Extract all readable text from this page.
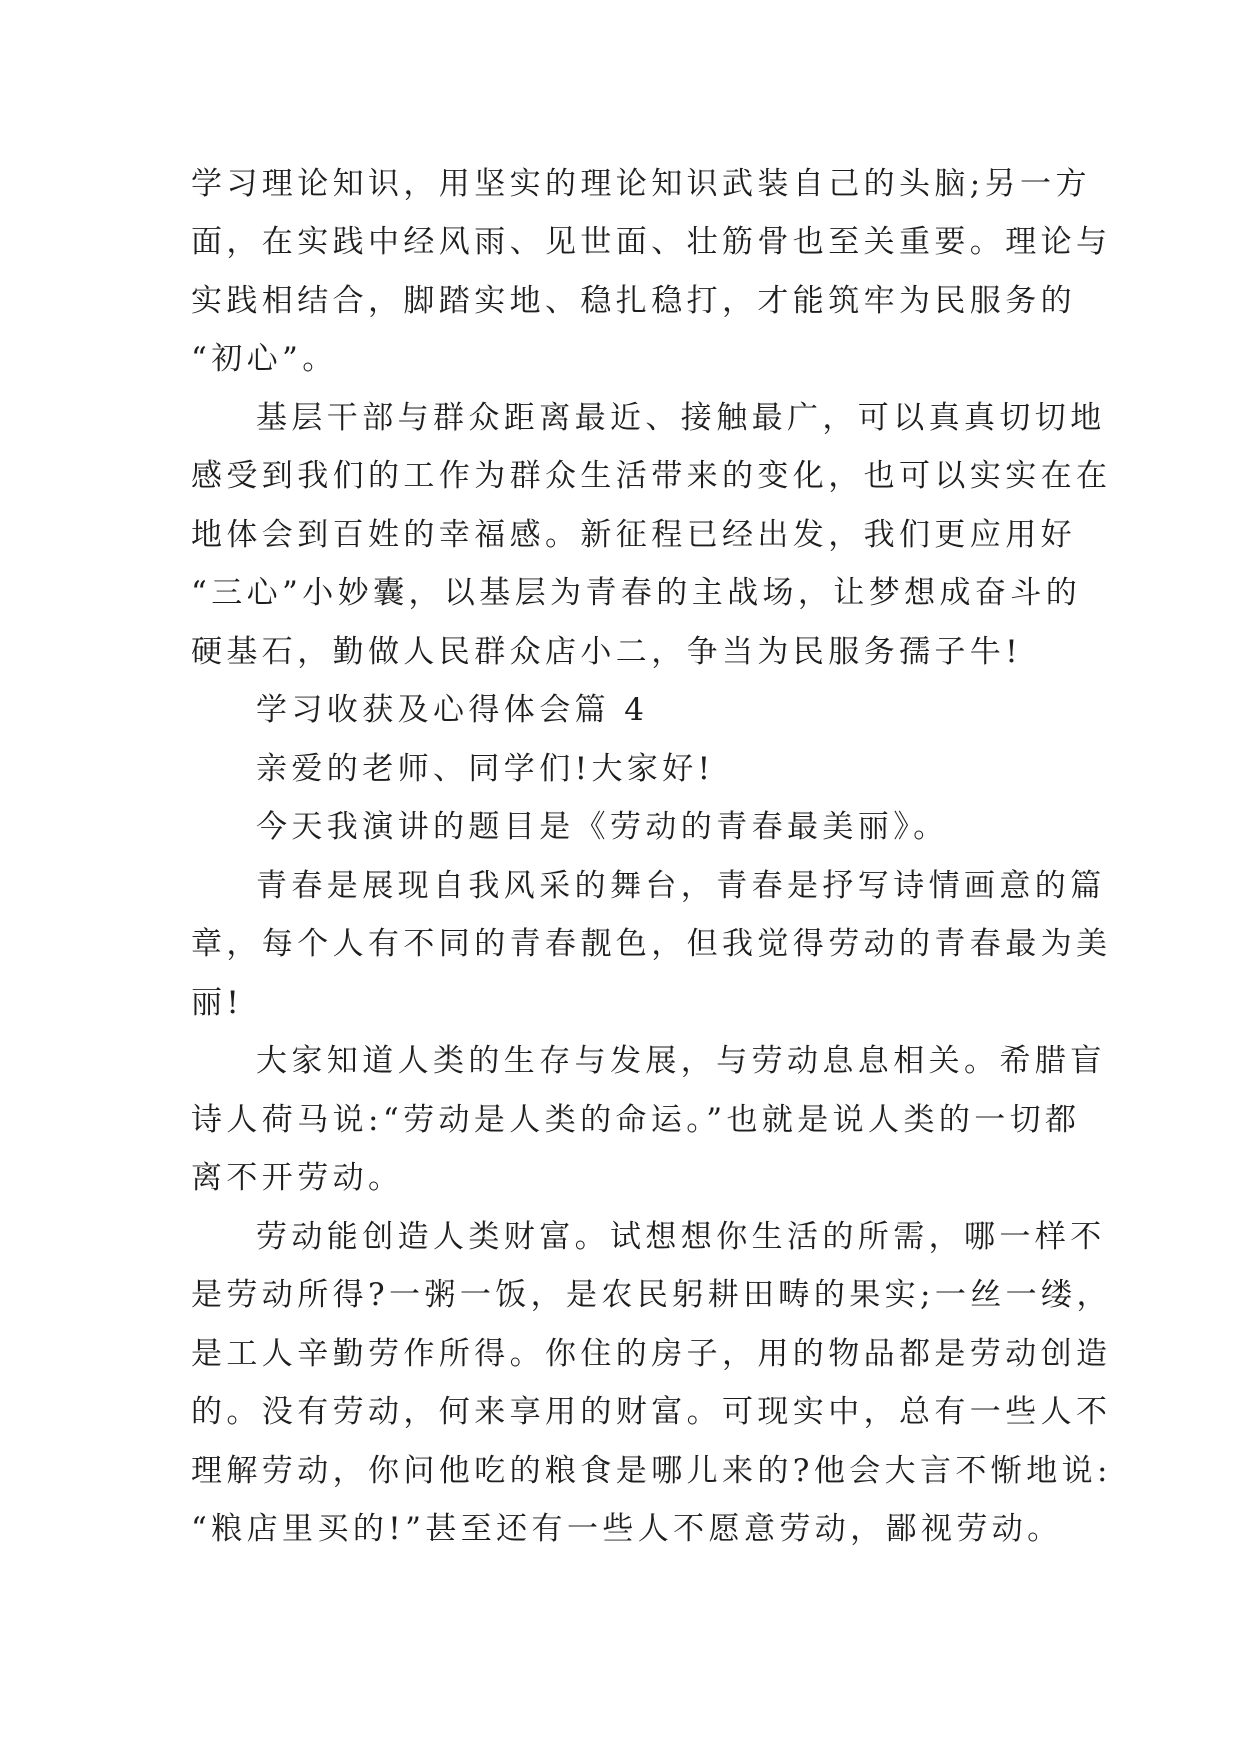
学习理论知识，用坚实的理论知识武装自己的头脑;另一方

面，在实践中经风雨、见世面、壮筋骨也至关重要。理论与

实践相结合，脚踏实地、稳扎稳打，才能筑牢为民服务的

“初心”。

基层干部与群众距离最近、接触最广，可以真真切切地

感受到我们的工作为群众生活带来的变化，也可以实实在在

地体会到百姓的幸福感。新征程已经出发，我们更应用好

“三心”小妙囊，以基层为青春的主战场，让梦想成奋斗的

硬基石，勤做人民群众店小二，争当为民服务孺子牛!

学习收获及心得体会篇 4

亲爱的老师、同学们!大家好!

今天我演讲的题目是《劳动的青春最美丽》。

青春是展现自我风采的舞台，青春是抒写诗情画意的篇

章，每个人有不同的青春靓色，但我觉得劳动的青春最为美

丽!

大家知道人类的生存与发展，与劳动息息相关。希腊盲

诗人荷马说:“劳动是人类的命运。”也就是说人类的一切都

离不开劳动。

劳动能创造人类财富。试想想你生活的所需，哪一样不

是劳动所得?一粥一饭，是农民躬耕田畴的果实;一丝一缕，

是工人辛勤劳作所得。你住的房子，用的物品都是劳动创造

的。没有劳动，何来享用的财富。可现实中，总有一些人不

理解劳动，你问他吃的粮食是哪儿来的?他会大言不惭地说:

“粮店里买的!”甚至还有一些人不愿意劳动，鄙视劳动。
